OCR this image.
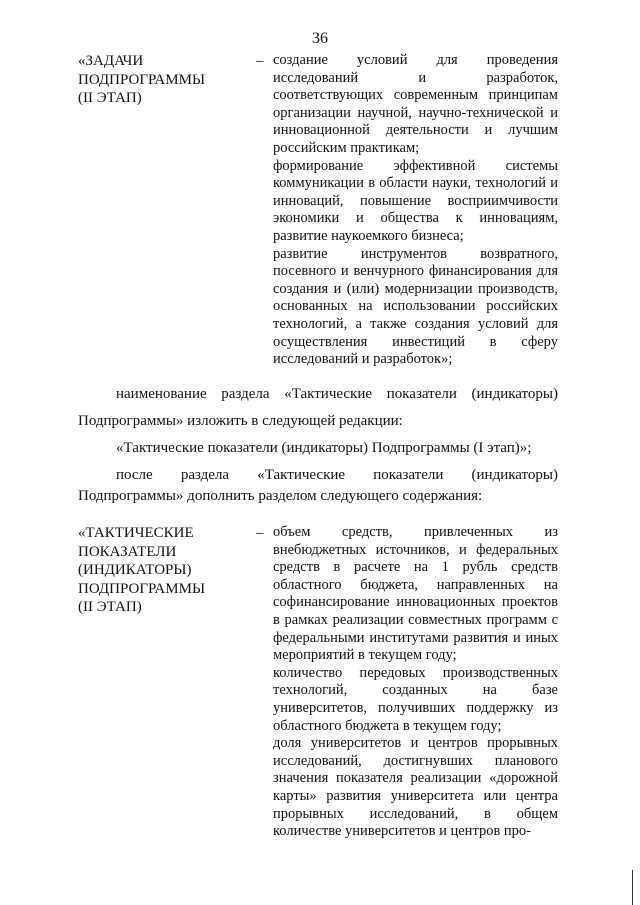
36
«ЗАДАЧИ
ПОДПРОГРАММЫ
(II ЭТАП)
– создание условий для проведения исследований и разработок, соответствующих современным принципам организации научной, научно-технической и инновационной деятельности и лучшим российским практикам;

формирование эффективной системы коммуникации в области науки, технологий и инноваций, повышение восприимчивости экономики и общества к инновациям, развитие наукоемкого бизнеса;

развитие инструментов возвратного, посевного и венчурного финансирования для создания и (или) модернизации производств, основанных на использовании российских технологий, а также создания условий для осуществления инвестиций в сферу исследований и разработок»;

наименование раздела «Тактические показатели (индикаторы)
Подпрограммы» изложить в следующей редакции:
«Тактические показатели (индикаторы) Подпрограммы (I этап)»;
после раздела «Тактические показатели (индикаторы)
Подпрограммы» дополнить разделом следующего содержания:
«ТАКТИЧЕСКИЕ
ПОКАЗАТЕЛИ
(ИНДИКАТОРЫ)
ПОДПРОГРАММЫ
(II ЭТАП)
– объем средств, привлеченных из внебюджетных источников, и федеральных средств в расчете на 1 рубль средств областного бюджета, направленных на софинансирование инновационных проектов в рамках реализации совместных программ с федеральными институтами развития и иных мероприятий в текущем году;

количество передовых производственных технологий, созданных на базе университетов, получивших поддержку из областного бюджета в текущем году;

доля университетов и центров прорывных исследований, достигнувших планового значения показателя реализации «дорожной карты» развития университета или центра прорывных исследований, в общем количестве университетов и центров про-
